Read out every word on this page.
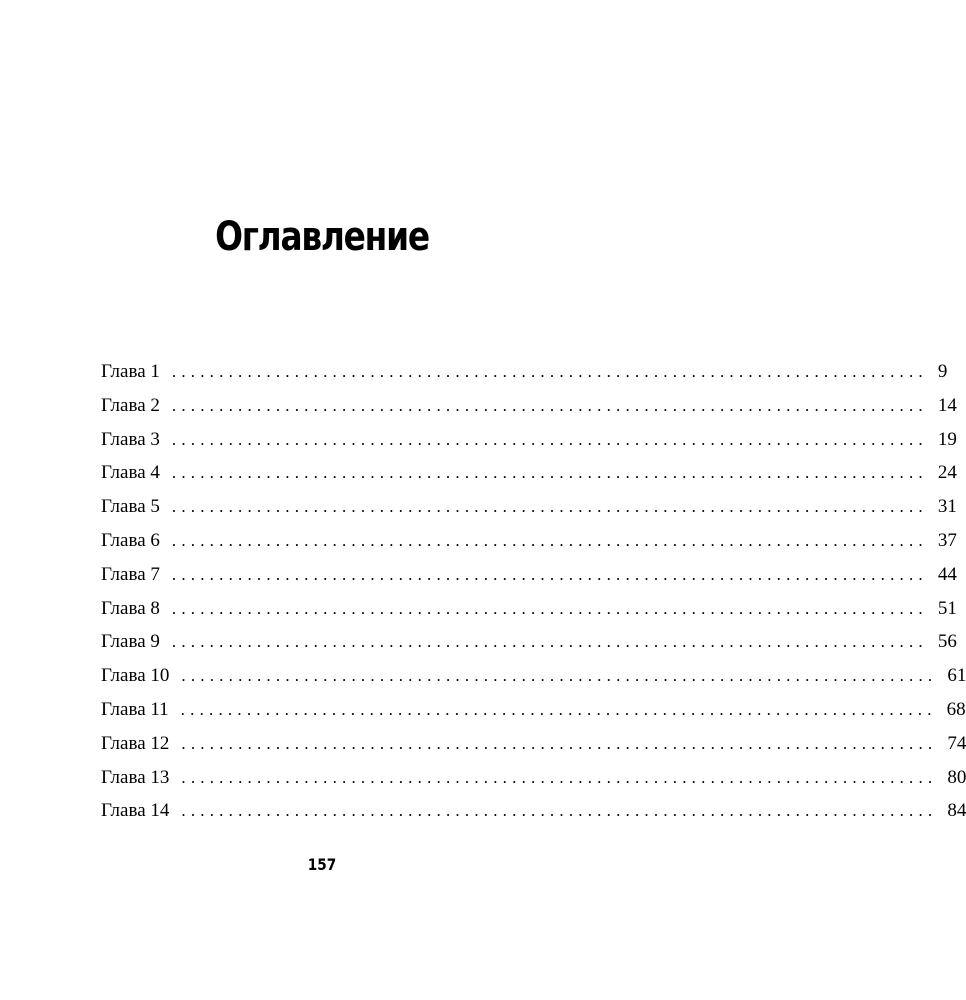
Оглавление
Глава 1 ................................................................................ 9
Глава 2 ................................................................................ 14
Глава 3 ................................................................................ 19
Глава 4 ................................................................................ 24
Глава 5 ................................................................................ 31
Глава 6 ................................................................................ 37
Глава 7 ................................................................................ 44
Глава 8 ................................................................................ 51
Глава 9 ................................................................................ 56
Глава 10 ................................................................................ 61
Глава 11 ................................................................................ 68
Глава 12 ................................................................................ 74
Глава 13 ................................................................................ 80
Глава 14 ................................................................................ 84
157
